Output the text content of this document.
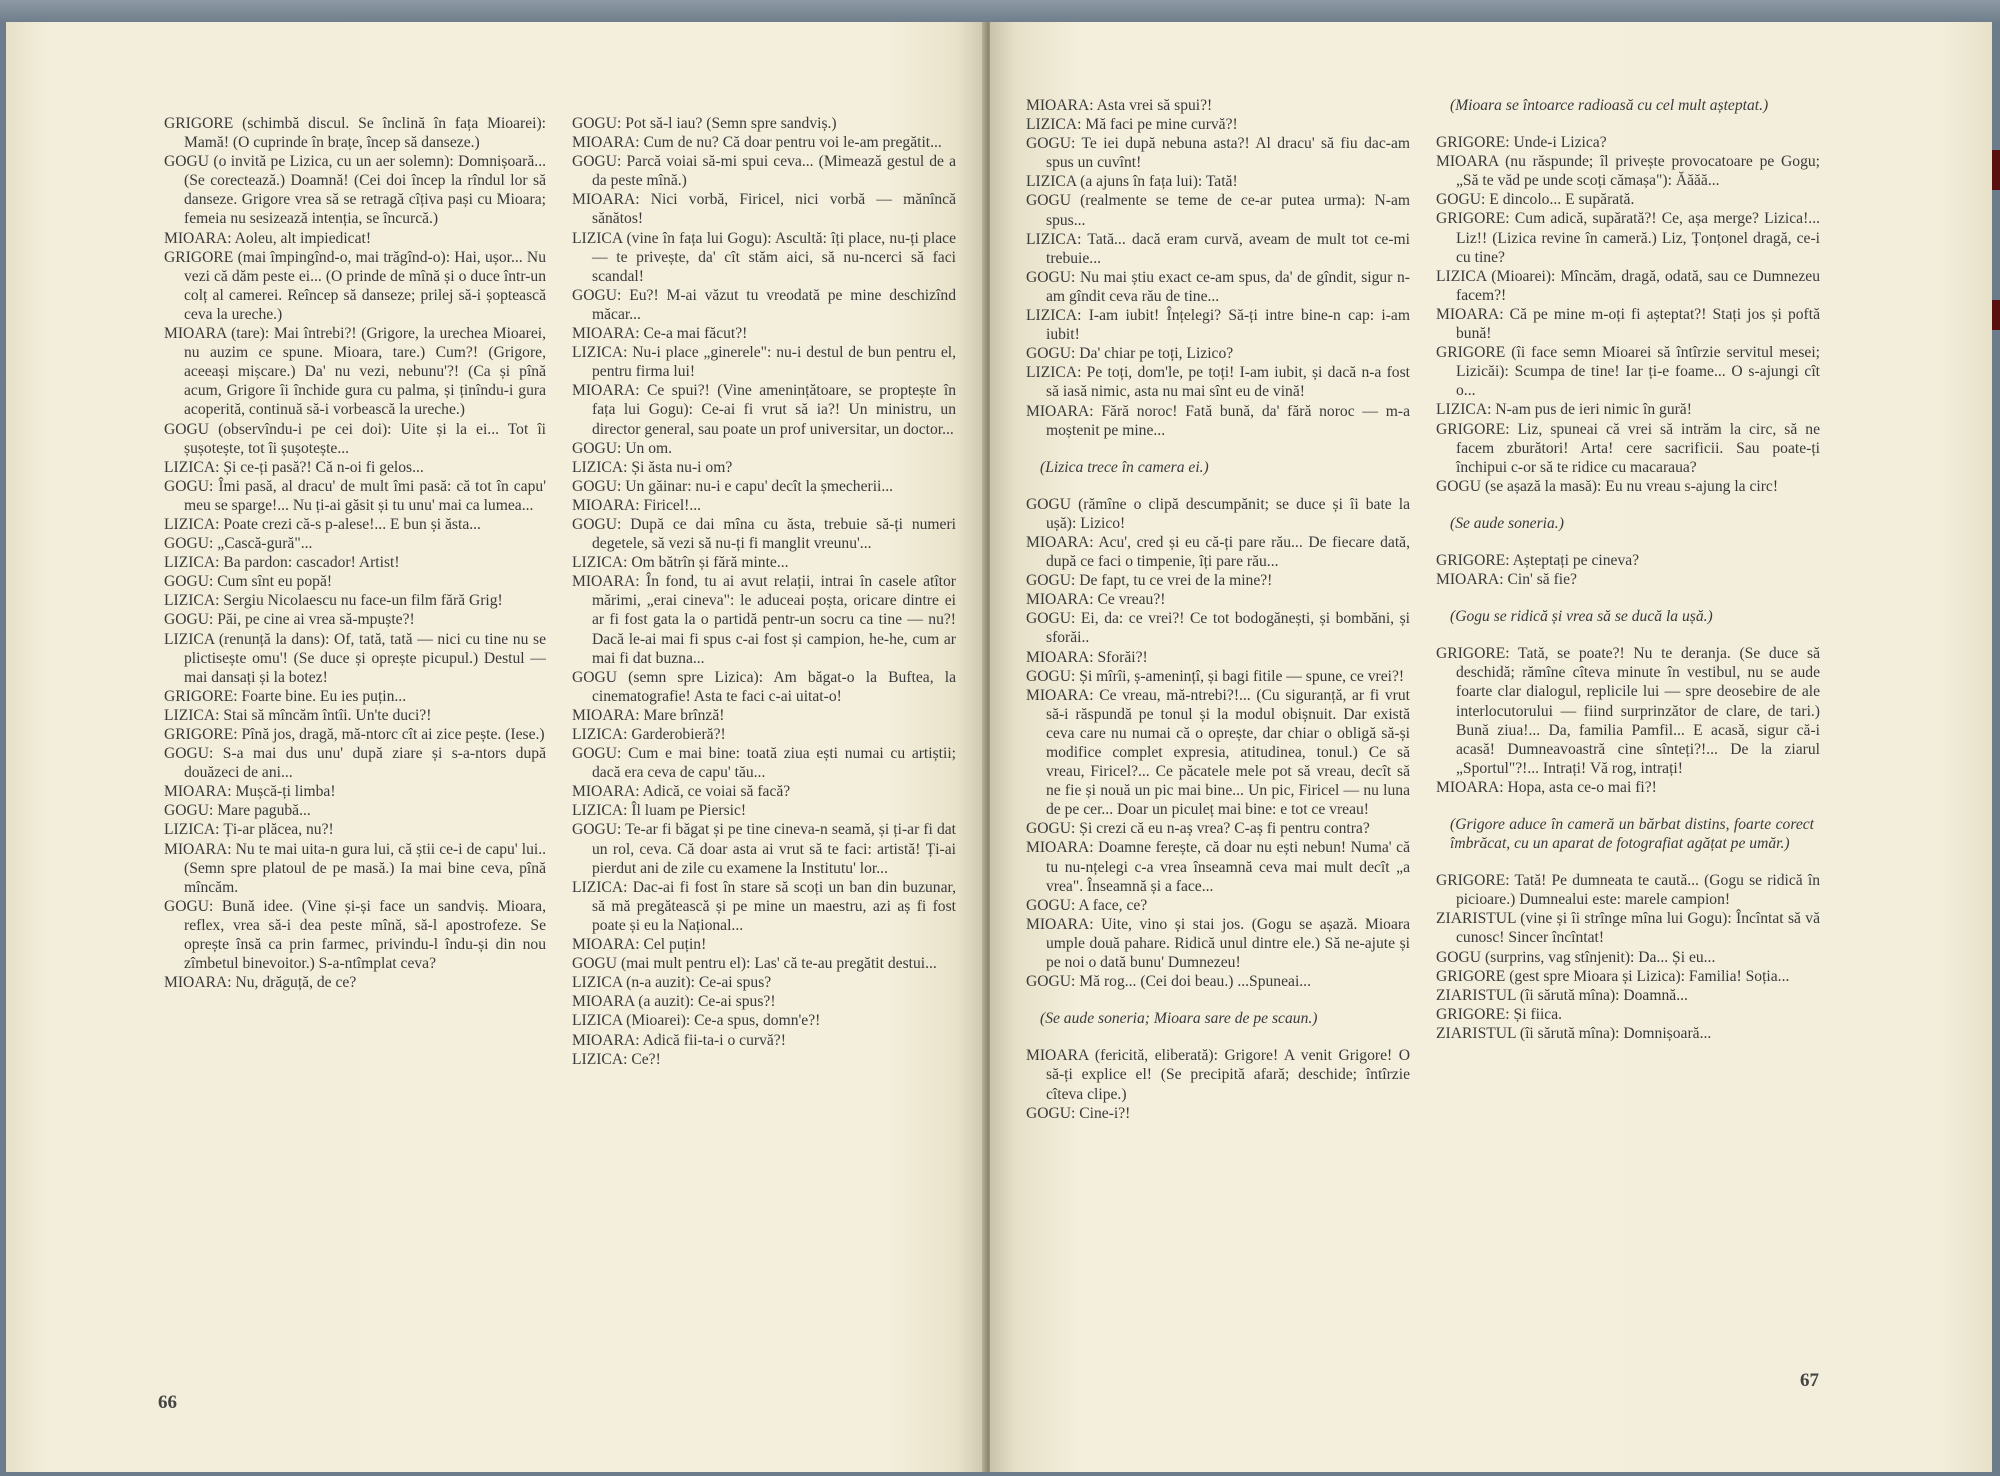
GRIGORE (schimbă discul. Se înclină în fața Mioarei): Mamă! (O cuprinde în brațe, încep să danseze.)

GOGU (o invită pe Lizica, cu un aer solemn): Domnișoară... (Se corectează.) Doamnă! (Cei doi încep la rîndul lor să danseze. Grigore vrea să se retragă cîțiva pași cu Mioara; femeia nu sesizează intenția, se încurcă.)

MIOARA: Aoleu, alt impiedicat!

GRIGORE (mai împingînd-o, mai trăgînd-o): Hai, ușor... Nu vezi că dăm peste ei... (O prinde de mînă și o duce într-un colț al camerei. Reîncep să danseze; prilej să-i șoptească ceva la ureche.)

MIOARA (tare): Mai întrebi?! (Grigore, la urechea Mioarei, nu auzim ce spune. Mioara, tare.) Cum?! (Grigore, aceeași mișcare.) Da' nu vezi, nebunu'?! (Ca și pînă acum, Grigore îi închide gura cu palma, și ținîndu-i gura acoperită, continuă să-i vorbească la ureche.)

GOGU (observîndu-i pe cei doi): Uite și la ei... Tot îi șușotește, tot îi șușotește...

LIZICA: Și ce-ți pasă?! Că n-oi fi gelos...

GOGU: Îmi pasă, al dracu' de mult îmi pasă: că tot în capu' meu se sparge!... Nu ți-ai găsit și tu unu' mai ca lumea...

LIZICA: Poate crezi că-s p-alese!... E bun și ăsta...

GOGU: „Cască-gură"...

LIZICA: Ba pardon: cascador! Artist!

GOGU: Cum sînt eu popă!

LIZICA: Sergiu Nicolaescu nu face-un film fără Grig!

GOGU: Păi, pe cine ai vrea să-mpuște?!

LIZICA (renunță la dans): Of, tată, tată — nici cu tine nu se plictisește omu'! (Se duce și oprește picupul.) Destul — mai dansați și la botez!

GRIGORE: Foarte bine. Eu ies puțin...

LIZICA: Stai să mîncăm întîi. Un'te duci?!

GRIGORE: Pînă jos, dragă, mă-ntorc cît ai zice pește. (Iese.)

GOGU: S-a mai dus unu' după ziare și s-a-ntors după douăzeci de ani...

MIOARA: Mușcă-ți limba!

GOGU: Mare pagubă...

LIZICA: Ți-ar plăcea, nu?!

MIOARA: Nu te mai uita-n gura lui, că știi ce-i de capu' lui.. (Semn spre platoul de pe masă.) Ia mai bine ceva, pînă mîncăm.

GOGU: Bună idee. (Vine și-și face un sandviș. Mioara, reflex, vrea să-i dea peste mînă, să-l apostrofeze. Se oprește însă ca prin farmec, privindu-l îndu-și din nou zîmbetul binevoitor.) S-a-ntîmplat ceva?

MIOARA: Nu, drăguță, de ce?

GOGU: Pot să-l iau? (Semn spre sandviș.)

MIOARA: Cum de nu? Că doar pentru voi le-am pregătit...

GOGU: Parcă voiai să-mi spui ceva... (Mimează gestul de a da peste mînă.)

MIOARA: Nici vorbă, Firicel, nici vorbă — mănîncă sănătos!

LIZICA (vine în fața lui Gogu): Ascultă: îți place, nu-ți place — te privește, da' cît stăm aici, să nu-ncerci să faci scandal!

GOGU: Eu?! M-ai văzut tu vreodată pe mine deschizînd măcar...

MIOARA: Ce-a mai făcut?!

LIZICA: Nu-i place „ginerele": nu-i destul de bun pentru el, pentru firma lui!

MIOARA: Ce spui?! (Vine amenințătoare, se proptește în fața lui Gogu): Ce-ai fi vrut să ia?! Un ministru, un director general, sau poate un prof universitar, un doctor...

GOGU: Un om.

LIZICA: Și ăsta nu-i om?

GOGU: Un găinar: nu-i e capu' decît la șmecherii...

MIOARA: Firicel!...

GOGU: După ce dai mîna cu ăsta, trebuie să-ți numeri degetele, să vezi să nu-ți fi manglit vreunu'...

LIZICA: Om bătrîn și fără minte...

MIOARA: În fond, tu ai avut relații, intrai în casele atîtor mărimi, „erai cineva": le aduceai poșta, oricare dintre ei ar fi fost gata la o partidă pentr-un socru ca tine — nu?! Dacă le-ai mai fi spus c-ai fost și campion, he-he, cum ar mai fi dat buzna...

GOGU (semn spre Lizica): Am băgat-o la Buftea, la cinematografie! Asta te faci c-ai uitat-o!

MIOARA: Mare brînză!

LIZICA: Garderobieră?!

GOGU: Cum e mai bine: toată ziua ești numai cu artiștii; dacă era ceva de capu' tău...

MIOARA: Adică, ce voiai să facă?

LIZICA: Îl luam pe Piersic!

GOGU: Te-ar fi băgat și pe tine cineva-n seamă, și ți-ar fi dat un rol, ceva. Că doar asta ai vrut să te faci: artistă! Ți-ai pierdut ani de zile cu examene la Institutu' lor...

LIZICA: Dac-ai fi fost în stare să scoți un ban din buzunar, să mă pregătească și pe mine un maestru, azi aș fi fost poate și eu la Național...

MIOARA: Cel puțin!

GOGU (mai mult pentru el): Las' că te-au pregătit destui...

LIZICA (n-a auzit): Ce-ai spus?

MIOARA (a auzit): Ce-ai spus?!

LIZICA (Mioarei): Ce-a spus, domn'e?!

MIOARA: Adică fii-ta-i o curvă?!

LIZICA: Ce?!

66

MIOARA: Asta vrei să spui?!

LIZICA: Mă faci pe mine curvă?!

GOGU: Te iei după nebuna asta?! Al dracu' să fiu dac-am spus un cuvînt!

LIZICA (a ajuns în fața lui): Tată!

GOGU (realmente se teme de ce-ar putea urma): N-am spus...

LIZICA: Tată... dacă eram curvă, aveam de mult tot ce-mi trebuie...

GOGU: Nu mai știu exact ce-am spus, da' de gîndit, sigur n-am gîndit ceva rău de tine...

LIZICA: I-am iubit! Înțelegi? Să-ți intre bine-n cap: i-am iubit!

GOGU: Da' chiar pe toți, Lizico?

LIZICA: Pe toți, dom'le, pe toți! I-am iubit, și dacă n-a fost să iasă nimic, asta nu mai sînt eu de vină!

MIOARA: Fără noroc! Fată bună, da' fără noroc — m-a moștenit pe mine...

(Lizica trece în camera ei.)

GOGU (rămîne o clipă descumpănit; se duce și îi bate la ușă): Lizico!

MIOARA: Acu', cred și eu că-ți pare rău... De fiecare dată, după ce faci o timpenie, îți pare rău...

GOGU: De fapt, tu ce vrei de la mine?!

MIOARA: Ce vreau?!

GOGU: Ei, da: ce vrei?! Ce tot bodogănești, și bombăni, și sforăi..

MIOARA: Sforăi?!

GOGU: Și mîrîi, ș-amenințî, și bagi fitile — spune, ce vrei?!

MIOARA: Ce vreau, mă-ntrebi?!... (Cu siguranță, ar fi vrut să-i răspundă pe tonul și la modul obișnuit. Dar există ceva care nu numai că o oprește, dar chiar o obligă să-și modifice complet expresia, atitudinea, tonul.) Ce să vreau, Firicel?... Ce păcatele mele pot să vreau, decît să ne fie și nouă un pic mai bine... Un pic, Firicel — nu luna de pe cer... Doar un piculeț mai bine: e tot ce vreau!

GOGU: Și crezi că eu n-aș vrea? C-aș fi pentru contra?

MIOARA: Doamne ferește, că doar nu ești nebun! Numa' că tu nu-nțelegi c-a vrea înseamnă ceva mai mult decît „a vrea". Înseamnă și a face...

GOGU: A face, ce?

MIOARA: Uite, vino și stai jos. (Gogu se așază. Mioara umple două pahare. Ridică unul dintre ele.) Să ne-ajute și pe noi o dată bunu' Dumnezeu!

GOGU: Mă rog... (Cei doi beau.) ...Spuneai...

(Se aude soneria; Mioara sare de pe scaun.)

MIOARA (fericită, eliberată): Grigore! A venit Grigore! O să-ți explice el! (Se precipită afară; deschide; întîrzie cîteva clipe.)

GOGU: Cine-i?!

(Mioara se întoarce radioasă cu cel mult așteptat.)

GRIGORE: Unde-i Lizica?

MIOARA (nu răspunde; îl privește provocatoare pe Gogu; „Să te văd pe unde scoți cămașa"): Ăăăă...

GOGU: E dincolo... E supărată.

GRIGORE: Cum adică, supărată?! Ce, așa merge? Lizica!... Liz!! (Lizica revine în cameră.) Liz, Țonțonel dragă, ce-i cu tine?

LIZICA (Mioarei): Mîncăm, dragă, odată, sau ce Dumnezeu facem?!

MIOARA: Că pe mine m-oți fi așteptat?! Stați jos și poftă bună!

GRIGORE (îi face semn Mioarei să întîrzie servitul mesei; Lizicăi): Scumpa de tine! Iar ți-e foame... O s-ajungi cît o...

LIZICA: N-am pus de ieri nimic în gură!

GRIGORE: Liz, spuneai că vrei să intrăm la circ, să ne facem zburători! Arta! cere sacrificii. Sau poate-ți închipui c-or să te ridice cu macaraua?

GOGU (se așază la masă): Eu nu vreau s-ajung la circ!

(Se aude soneria.)

GRIGORE: Așteptați pe cineva?

MIOARA: Cin' să fie?

(Gogu se ridică și vrea să se ducă la ușă.)

GRIGORE: Tată, se poate?! Nu te deranja. (Se duce să deschidă; rămîne cîteva minute în vestibul, nu se aude foarte clar dialogul, replicile lui — spre deosebire de ale interlocutorului — fiind surprinzător de clare, de tari.) Bună ziua!... Da, familia Pamfil... E acasă, sigur că-i acasă! Dumneavoastră cine sînteți?!... De la ziarul „Sportul"?!... Intrați! Vă rog, intrați!

MIOARA: Hopa, asta ce-o mai fi?!

(Grigore aduce în cameră un bărbat distins, foarte corect îmbrăcat, cu un aparat de fotografiat agățat pe umăr.)

GRIGORE: Tată! Pe dumneata te caută... (Gogu se ridică în picioare.) Dumnealui este: marele campion!

ZIARISTUL (vine și îi strînge mîna lui Gogu): Încîntat să vă cunosc! Sincer încîntat!

GOGU (surprins, vag stînjenit): Da... Și eu...

GRIGORE (gest spre Mioara și Lizica): Familia! Soția...

ZIARISTUL (îi sărută mîna): Doamnă...

GRIGORE: Și fiica.

ZIARISTUL (îi sărută mîna): Domnișoară...

67
